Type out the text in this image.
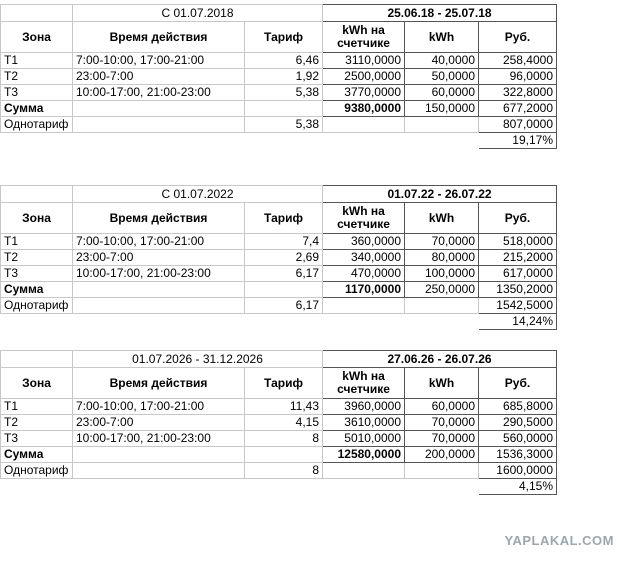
	С 01.07.2018		25.06.18 - 25.07.18		
Зона	Время действия	Тариф	kWh на счетчике	kWh	Руб.
T1	7:00-10:00, 17:00-21:00	6,46	3110,0000	40,0000	258,4000
T2	23:00-7:00	1,92	2500,0000	50,0000	96,0000
T3	10:00-17:00, 21:00-23:00	5,38	3770,0000	60,0000	322,8000
Сумма			9380,0000	150,0000	677,2000
Однотариф		5,38			807,0000
					19,17%
	С 01.07.2022		01.07.22 - 26.07.22		
Зона	Время действия	Тариф	kWh на счетчике	kWh	Руб.
T1	7:00-10:00, 17:00-21:00	7,4	360,0000	70,0000	518,0000
T2	23:00-7:00	2,69	340,0000	80,0000	215,2000
T3	10:00-17:00, 21:00-23:00	6,17	470,0000	100,0000	617,0000
Сумма			1170,0000	250,0000	1350,2000
Однотариф		6,17			1542,5000
					14,24%
	01.07.2026 - 31.12.2026		27.06.26 - 26.07.26		
Зона	Время действия	Тариф	kWh на счетчике	kWh	Руб.
T1	7:00-10:00, 17:00-21:00	11,43	3960,0000	60,0000	685,8000
T2	23:00-7:00	4,15	3610,0000	70,0000	290,5000
T3	10:00-17:00, 21:00-23:00	8	5010,0000	70,0000	560,0000
Сумма			12580,0000	200,0000	1536,3000
Однотариф		8			1600,0000
					4,15%
YAPLAKAL.COM
